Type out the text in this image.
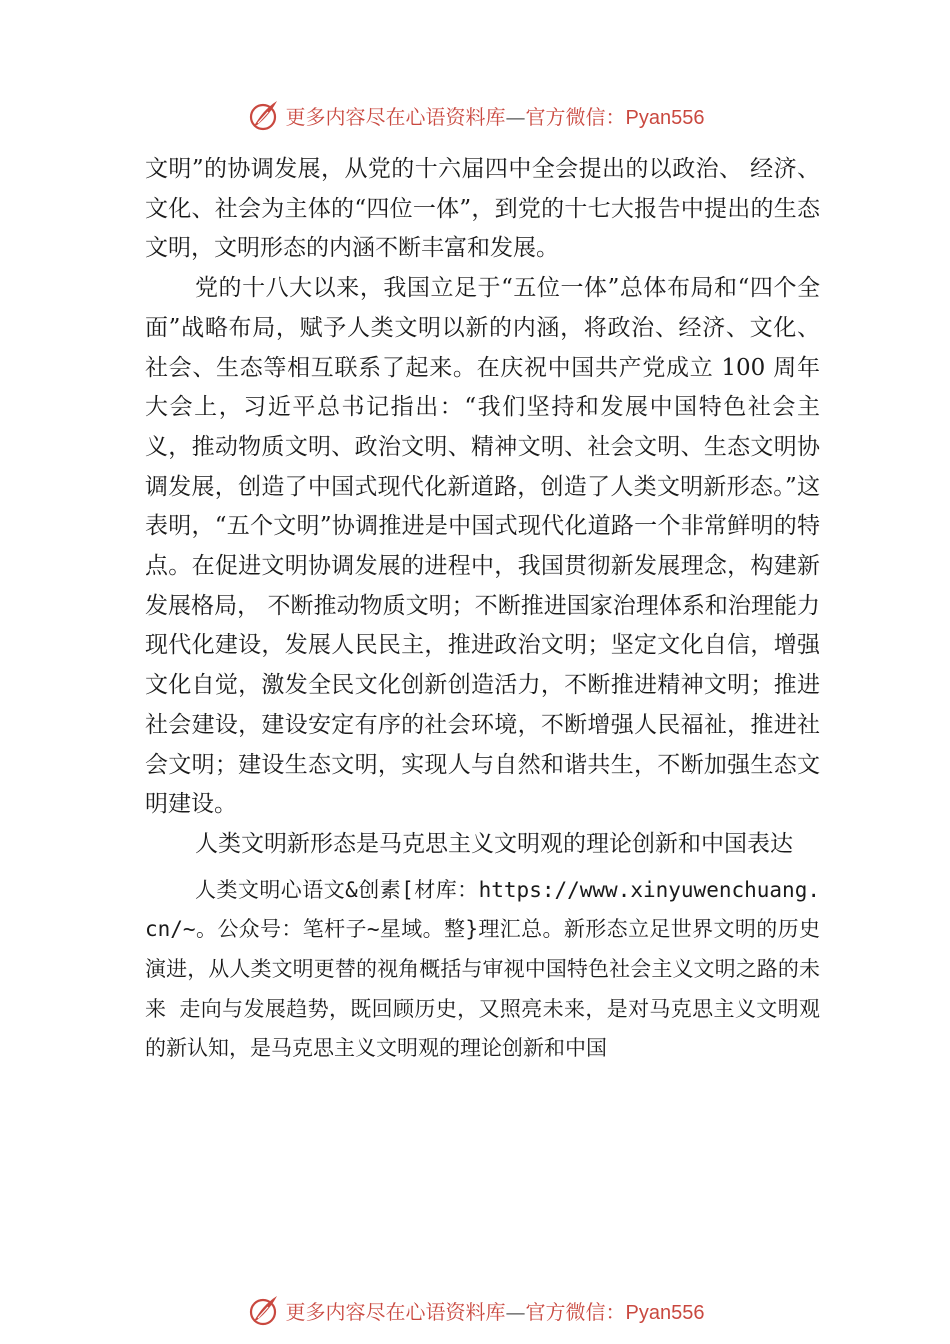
更多内容尽在心语资料库—官方微信：Pyan556

文明”的协调发展，从党的十六届四中全会提出的以政治、 经济、文化、社会为主体的“四位一体”，到党的十七大报告中提出的生态文明，文明形态的内涵不断丰富和发展。

党的十八大以来，我国立足于“五位一体”总体布局和“四个全面”战略布局，赋予人类文明以新的内涵，将政治、经济、文化、社会、生态等相互联系了起来。在庆祝中国共产党成立 100 周年大会上，习近平总书记指出：“我们坚持和发展中国特色社会主义，推动物质文明、政治文明、精神文明、社会文明、生态文明协调发展，创造了中国式现代化新道路，创造了人类文明新形态。”这表明，“五个文明”协调推进是中国式现代化道路一个非常鲜明的特点。在促进文明协调发展的进程中，我国贯彻新发展理念，构建新发展格局， 不断推动物质文明；不断推进国家治理体系和治理能力现代化建设，发展人民民主，推进政治文明；坚定文化自信，增强文化自觉，激发全民文化创新创造活力，不断推进精神文明；推进社会建设，建设安定有序的社会环境，不断增强人民福祉，推进社会文明；建设生态文明，实现人与自然和谐共生，不断加强生态文明建设。

人类文明新形态是马克思主义文明观的理论创新和中国表达

人类文明心语文&创素[材库：https://www.xinyuwenchuang.cn/~。公众号：笔杆子~星域。整}理汇总。新形态立足世界文明的历史演进，从人类文明更替的视角概括与审视中国特色社会主义文明之路的未来 走向与发展趋势，既回顾历史，又照亮未来，是对马克思主义文明观的新认知，是马克思主义文明观的理论创新和中国

更多内容尽在心语资料库—官方微信：Pyan556
